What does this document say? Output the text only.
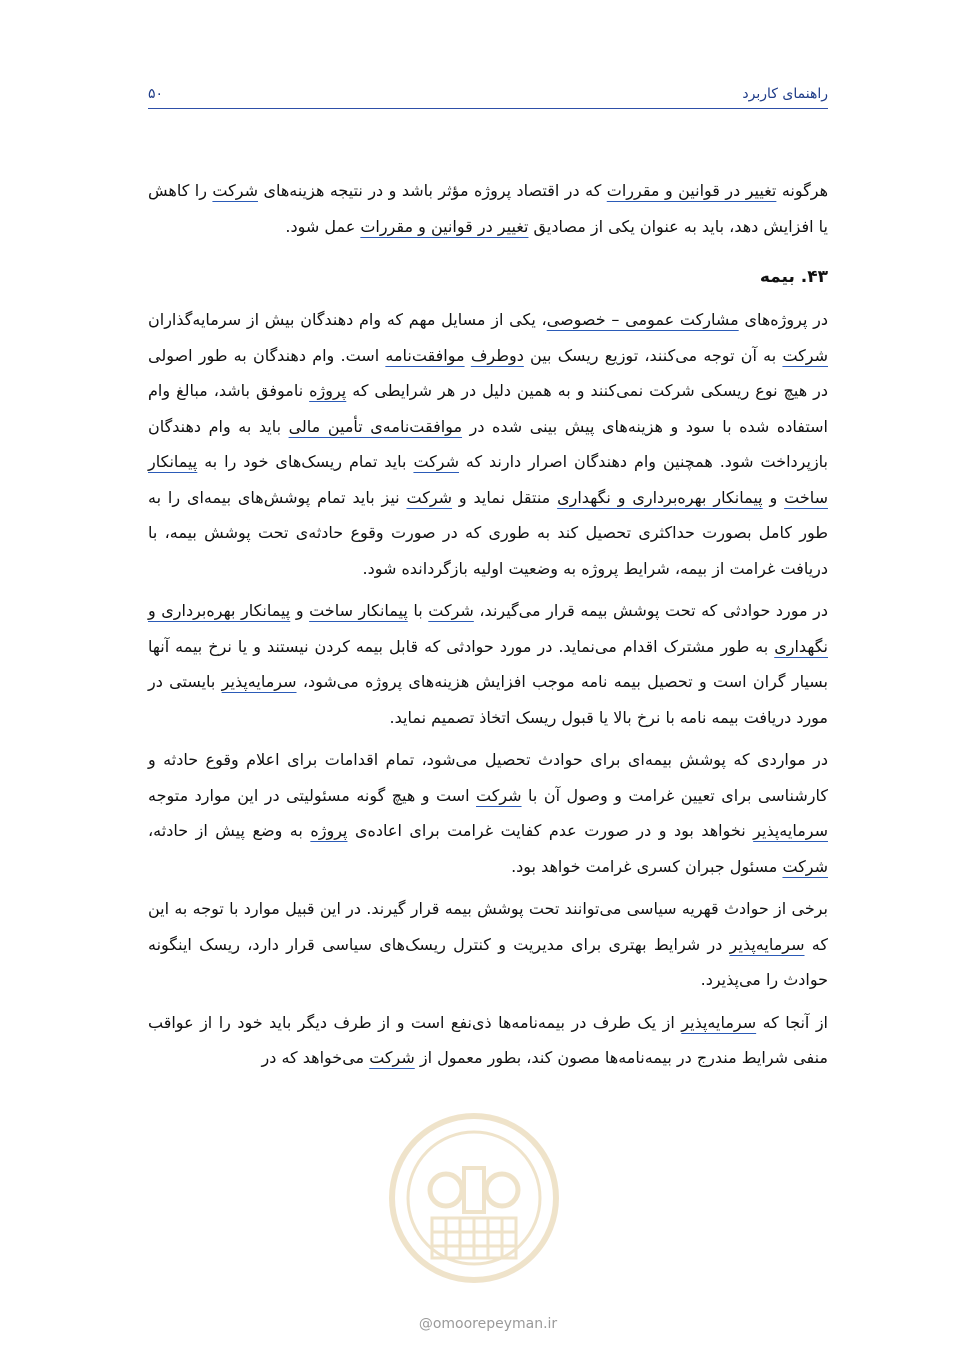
راهنمای کاربرد
۵۰

هرگونه تغییر در قوانین و مقررات که در اقتصاد پروژه مؤثر باشد و در نتیجه هزینه‌های شرکت را کاهش یا افزایش دهد، باید به عنوان یکی از مصادیق تغییر در قوانین و مقررات عمل شود.

۴۳. بیمه

در پروژه‌های مشارکت عمومی – خصوصی، یکی از مسایل مهم که وام دهندگان بیش از سرمایه‌گذاران شرکت به آن توجه می‌کنند، توزیع ریسک بین دوطرف موافقت‌نامه است. وام دهندگان به طور اصولی در هیچ نوع ریسکی شرکت نمی‌کنند و به همین دلیل در هر شرایطی که پروژه ناموفق باشد، مبالغ وام استفاده شده با سود و هزینه‌های پیش بینی شده در موافقت‌نامه‌ی تأمین مالی باید به وام دهندگان بازپرداخت شود. همچنین وام دهندگان اصرار دارند که شرکت باید تمام ریسک‌های خود را به پیمانکار ساخت و پیمانکار بهره‌برداری و نگهداری منتقل نماید و شرکت نیز باید تمام پوشش‌های بیمه‌ای را به طور کامل بصورت حداکثری تحصیل کند به طوری که در صورت وقوع حادثه‌ی تحت پوشش بیمه، با دریافت غرامت از بیمه، شرایط پروژه به وضعیت اولیه بازگردانده شود.

در مورد حوادثی که تحت پوشش بیمه قرار می‌گیرند، شرکت با پیمانکار ساخت و پیمانکار بهره‌برداری و نگهداری به طور مشترک اقدام می‌نماید. در مورد حوادثی که قابل بیمه کردن نیستند و یا نرخ بیمه آنها بسیار گران است و تحصیل بیمه نامه موجب افزایش هزینه‌های پروژه می‌شود، سرمایه‌پذیر بایستی در مورد دریافت بیمه نامه با نرخ بالا یا قبول ریسک اتخاذ تصمیم نماید.

در مواردی که پوشش بیمه‌ای برای حوادث تحصیل می‌شود، تمام اقدامات برای اعلام وقوع حادثه و کارشناسی برای تعیین غرامت و وصول آن با شرکت است و هیچ گونه مسئولیتی در این موارد متوجه سرمایه‌پذیر نخواهد بود و در صورت عدم کفایت غرامت برای اعاده‌ی پروژه به وضع پیش از حادثه، شرکت مسئول جبران کسری غرامت خواهد بود.

برخی از حوادث قهریه سیاسی می‌توانند تحت پوشش بیمه قرار گیرند. در این قبیل موارد با توجه به این که سرمایه‌پذیر در شرایط بهتری برای مدیریت و کنترل ریسک‌های سیاسی قرار دارد، ریسک اینگونه حوادث را می‌پذیرد.

از آنجا که سرمایه‌پذیر از یک طرف در بیمه‌نامه‌ها ذی‌نفع است و از طرف دیگر باید خود را از عواقب منفی شرایط مندرج در بیمه‌نامه‌ها مصون کند، بطور معمول از شرکت می‌خواهد که در

@omoorepeyman.ir
